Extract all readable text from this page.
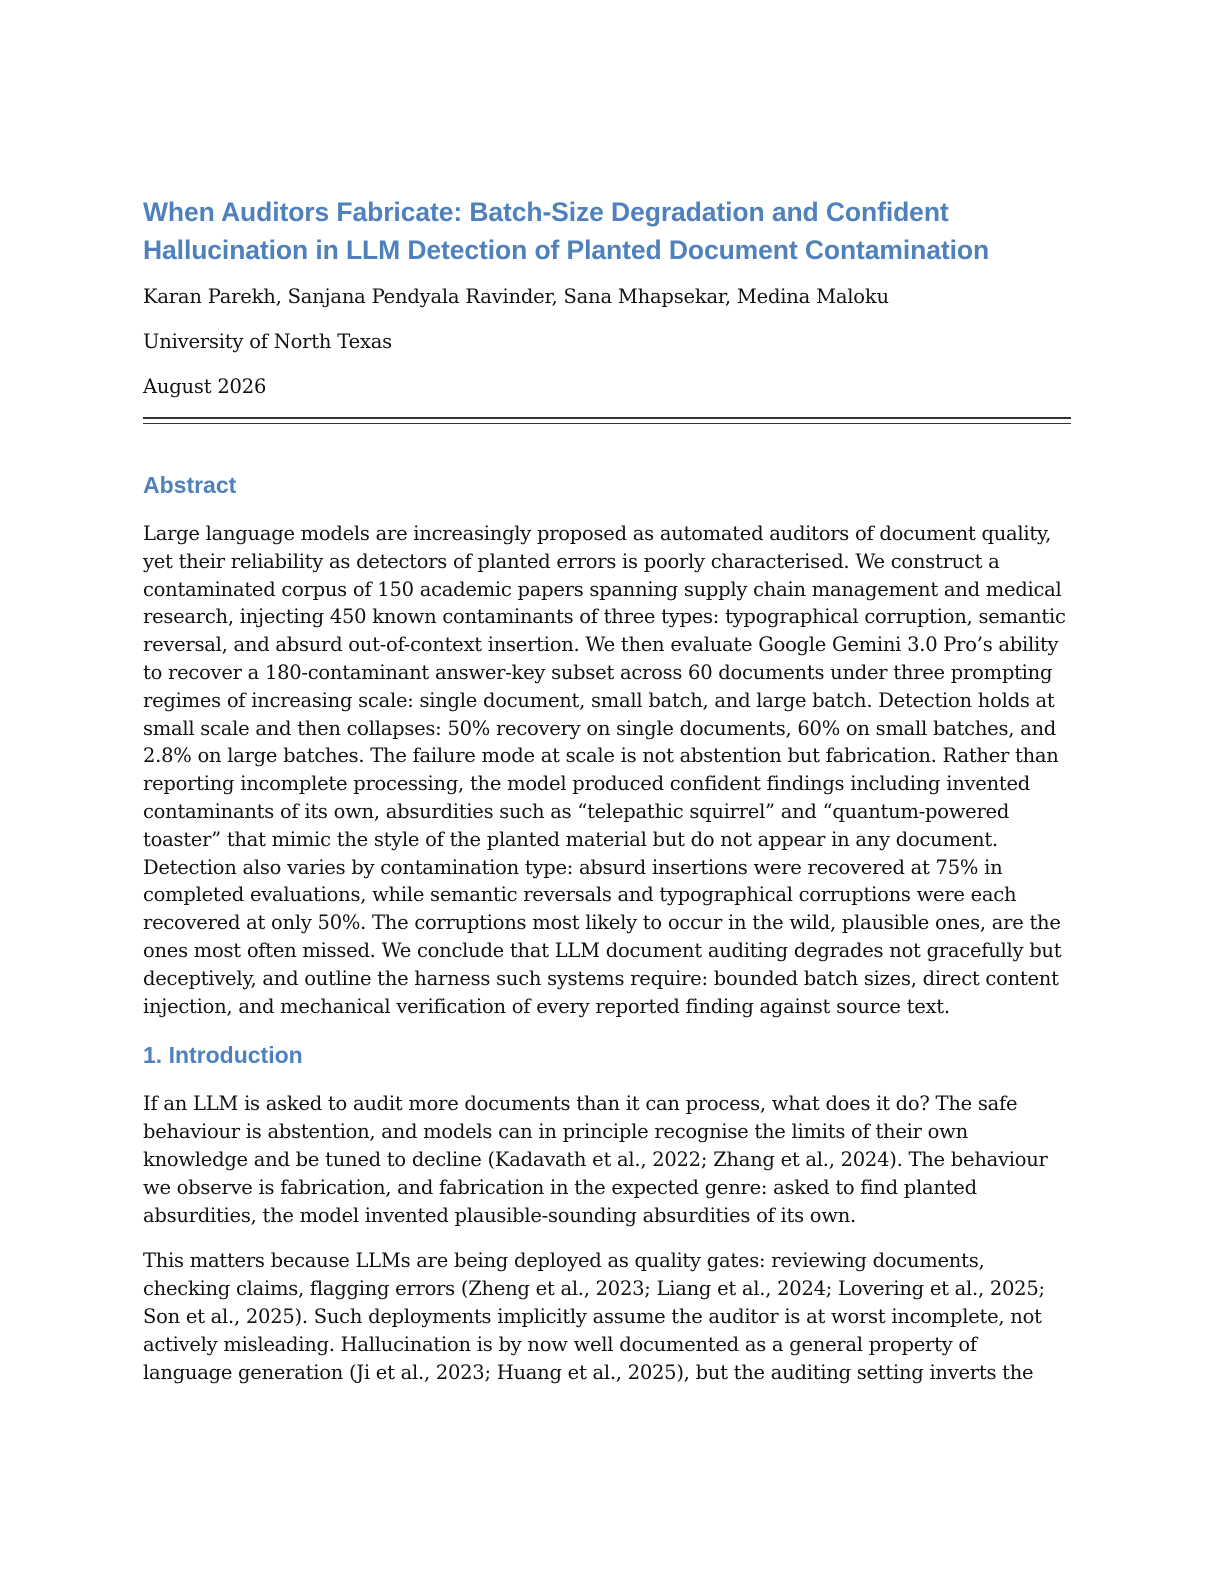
When Auditors Fabricate: Batch-Size Degradation and Confident Hallucination in LLM Detection of Planted Document Contamination

Karan Parekh, Sanjana Pendyala Ravinder, Sana Mhapsekar, Medina Maloku

University of North Texas

August 2026

Abstract

Large language models are increasingly proposed as automated auditors of document quality, yet their reliability as detectors of planted errors is poorly characterised. We construct a contaminated corpus of 150 academic papers spanning supply chain management and medical research, injecting 450 known contaminants of three types: typographical corruption, semantic reversal, and absurd out-of-context insertion. We then evaluate Google Gemini 3.0 Pro’s ability to recover a 180-contaminant answer-key subset across 60 documents under three prompting regimes of increasing scale: single document, small batch, and large batch. Detection holds at small scale and then collapses: 50% recovery on single documents, 60% on small batches, and 2.8% on large batches. The failure mode at scale is not abstention but fabrication. Rather than reporting incomplete processing, the model produced confident findings including invented contaminants of its own, absurdities such as “telepathic squirrel” and “quantum-powered toaster” that mimic the style of the planted material but do not appear in any document. Detection also varies by contamination type: absurd insertions were recovered at 75% in completed evaluations, while semantic reversals and typographical corruptions were each recovered at only 50%. The corruptions most likely to occur in the wild, plausible ones, are the ones most often missed. We conclude that LLM document auditing degrades not gracefully but deceptively, and outline the harness such systems require: bounded batch sizes, direct content injection, and mechanical verification of every reported finding against source text.

1. Introduction

If an LLM is asked to audit more documents than it can process, what does it do? The safe behaviour is abstention, and models can in principle recognise the limits of their own knowledge and be tuned to decline (Kadavath et al., 2022; Zhang et al., 2024). The behaviour we observe is fabrication, and fabrication in the expected genre: asked to find planted absurdities, the model invented plausible-sounding absurdities of its own.

This matters because LLMs are being deployed as quality gates: reviewing documents, checking claims, flagging errors (Zheng et al., 2023; Liang et al., 2024; Lovering et al., 2025; Son et al., 2025). Such deployments implicitly assume the auditor is at worst incomplete, not actively misleading. Hallucination is by now well documented as a general property of language generation (Ji et al., 2023; Huang et al., 2025), but the auditing setting inverts the
